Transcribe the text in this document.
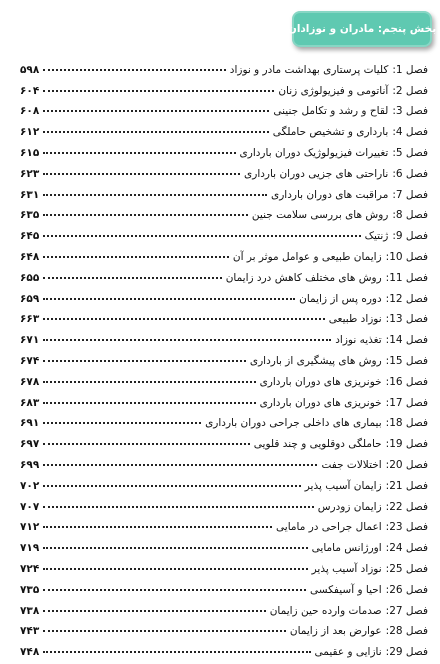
بخش پنجم: مادران و نوزادان
فصل 1:
کلیات پرستاری بهداشت مادر و نوزاد
۵۹۸
فصل 2:
آناتومی و فیزیولوژی زنان
۶۰۴
فصل 3:
لقاح و رشد و تکامل جنینی
۶۰۸
فصل 4:
بارداری و تشخیص حاملگی
۶۱۲
فصل 5:
تغییرات فیزیولوژیک دوران بارداری
۶۱۵
فصل 6:
ناراحتی های جزیی دوران بارداری
۶۲۳
فصل 7:
مراقبت های دوران بارداری
۶۳۱
فصل 8:
روش های بررسی سلامت جنین
۶۳۵
فصل 9:
ژنتیک
۶۴۵
فصل 10:
زایمان طبیعی و عوامل موثر بر آن
۶۴۸
فصل 11:
روش های مختلف کاهش درد زایمان
۶۵۵
فصل 12:
دوره پس از زایمان
۶۵۹
فصل 13:
نوزاد طبیعی
۶۶۳
فصل 14:
تغذیه نوزاد
۶۷۱
فصل 15:
روش های پیشگیری از بارداری
۶۷۴
فصل 16:
خونریزی های دوران بارداری
۶۷۸
فصل 17:
خونریزی های دوران بارداری
۶۸۳
فصل 18:
بیماری های داخلی جراحی دوران بارداری
۶۹۱
فصل 19:
حاملگی دوقلویی و چند قلویی
۶۹۷
فصل 20:
اختلالات جفت
۶۹۹
فصل 21:
زایمان آسیب پذیر
۷۰۲
فصل 22:
زایمان زودرس
۷۰۷
فصل 23:
اعمال جراحی در مامایی
۷۱۲
فصل 24:
اورژانس مامایی
۷۱۹
فصل 25:
نوزاد آسیب پذیر
۷۲۴
فصل 26:
احیا و آسیفکسی
۷۳۵
فصل 27:
صدمات وارده حین زایمان
۷۳۸
فصل 28:
عوارض بعد از زایمان
۷۴۳
فصل 29:
نازایی و عقیمی
۷۴۸
